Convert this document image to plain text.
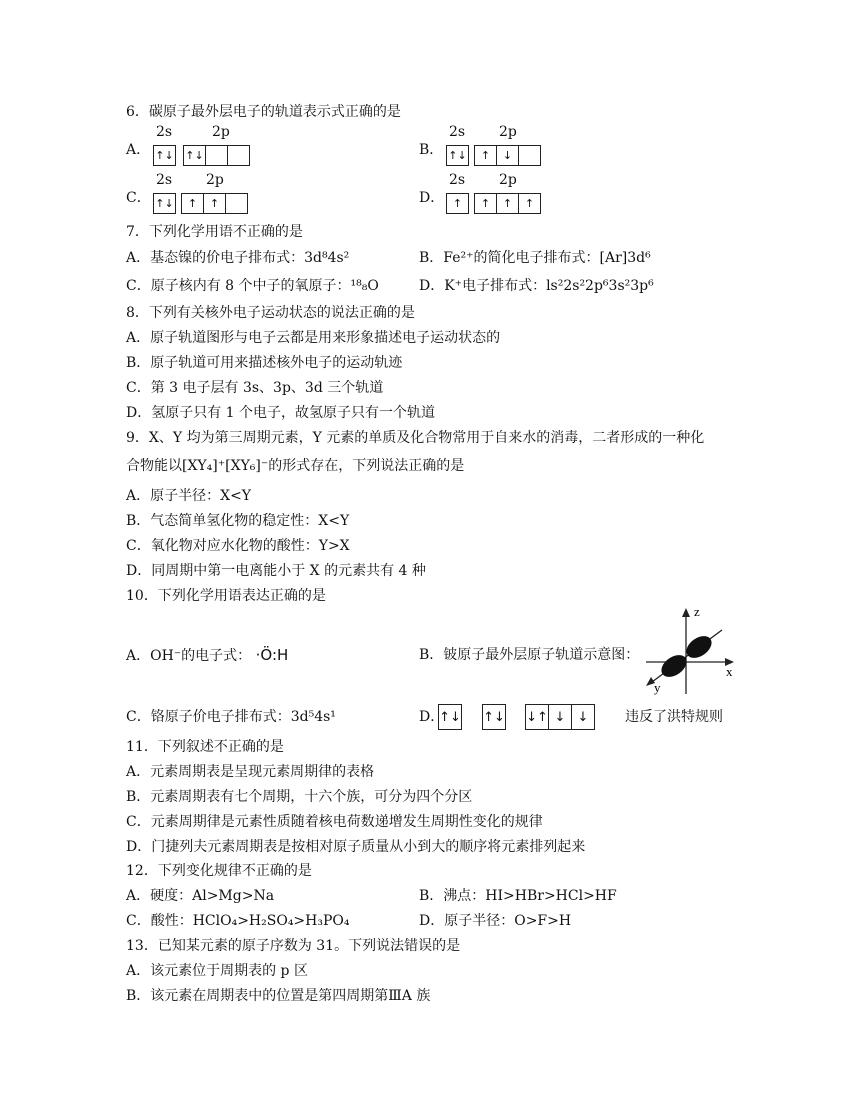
6．碳原子最外层电子的轨道表示式正确的是
A．
2s	2p
↑↓ ↑↓	B．
2s 2p
↑↓	↑	↓
C．
2s 2p
↑↓	↑	↑	D．
2s 2p
↑	↑	↑	↑
7．下列化学用语不正确的是
A．基态镍的价电子排布式：3d⁸4s²	B．Fe²⁺的简化电子排布式：[Ar]3d⁶
C．原子核内有 8 个中子的氧原子：¹⁸₈O	D．K⁺电子排布式：ls²2s²2p⁶3s²3p⁶
8．下列有关核外电子运动状态的说法正确的是
A．原子轨道图形与电子云都是用来形象描述电子运动状态的
B．原子轨道可用来描述核外电子的运动轨迹
C．第 3 电子层有 3s、3p、3d 三个轨道
D．氢原子只有 1 个电子，故氢原子只有一个轨道
9．X、Y 均为第三周期元素，Y 元素的单质及化合物常用于自来水的消毒，二者形成的一种化
合物能以[XY₄]⁺[XY₆]⁻的形式存在，下列说法正确的是
A．原子半径：X<Y
B．气态简单氢化物的稳定性：X<Y
C．氧化物对应水化物的酸性：Y>X
D．同周期中第一电离能小于 X 的元素共有 4 种
10．下列化学用语表达正确的是
A．OH⁻的电子式： ·Ö:H	B．铍原子最外层原子轨道示意图：
z
x
y
C．铬原子价电子排布式：3d⁵4s¹	D．
↑↓ ↑↓ ↓↑ ↓ ↓	违反了洪特规则
11．下列叙述不正确的是
A．元素周期表是呈现元素周期律的表格
B．元素周期表有七个周期，十六个族，可分为四个分区
C．元素周期律是元素性质随着核电荷数递增发生周期性变化的规律
D．门捷列夫元素周期表是按相对原子质量从小到大的顺序将元素排列起来
12．下列变化规律不正确的是
A．硬度：Al>Mg>Na	B．沸点：HI>HBr>HCl>HF
C．酸性：HClO₄>H₂SO₄>H₃PO₄	D．原子半径：O>F>H
13．已知某元素的原子序数为 31。下列说法错误的是
A．该元素位于周期表的 p 区
B．该元素在周期表中的位置是第四周期第ⅢA 族
